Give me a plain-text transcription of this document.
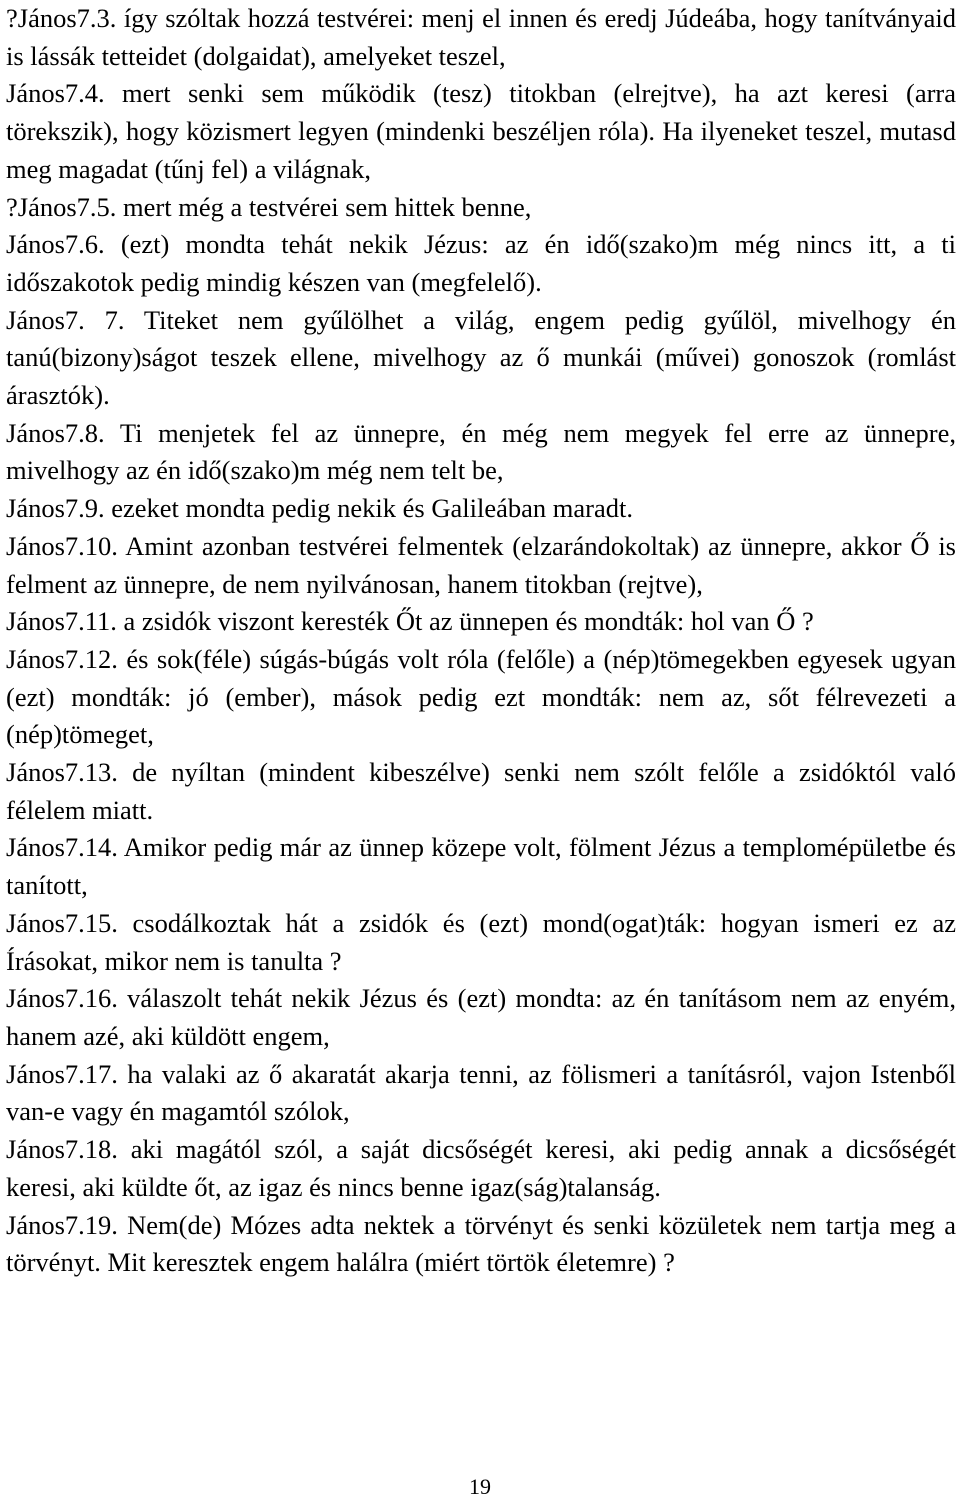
?János7.3. így szóltak hozzá testvérei: menj el innen és eredj Júdeába, hogy tanítványaid is lássák tetteidet (dolgaidat), amelyeket teszel,

János7.4. mert senki sem működik (tesz) titokban (elrejtve), ha azt keresi (arra törekszik), hogy közismert legyen (mindenki beszéljen róla). Ha ilyeneket teszel, mutasd meg magadat (tűnj fel) a világnak,

?János7.5. mert még a testvérei sem hittek benne,

János7.6. (ezt) mondta tehát nekik Jézus: az én idő(szako)m még nincs itt, a ti időszakotok pedig mindig készen van (megfelelő).

János7. 7. Titeket nem gyűlölhet a világ, engem pedig gyűlöl, mivelhogy én tanú(bizony)ságot teszek ellene, mivelhogy az ő munkái (művei) gonoszok (romlást árasztók).

János7.8. Ti menjetek fel az ünnepre, én még nem megyek fel erre az ünnepre, mivelhogy az én idő(szako)m még nem telt be,

János7.9. ezeket mondta pedig nekik és Galileában maradt.

János7.10. Amint azonban testvérei felmentek (elzarándokoltak) az ünnepre, akkor Ő is felment az ünnepre, de nem nyilvánosan, hanem titokban (rejtve),

János7.11. a zsidók viszont keresték Őt az ünnepen és mondták: hol van Ő ?

János7.12. és sok(féle) súgás-búgás volt róla (felőle) a (nép)tömegekben egyesek ugyan (ezt) mondták: jó (ember), mások pedig ezt mondták: nem az, sőt félrevezeti a (nép)tömeget,

János7.13. de nyíltan (mindent kibeszélve) senki nem szólt felőle a zsidóktól való félelem miatt.

János7.14. Amikor pedig már az ünnep közepe volt, fölment Jézus a templomépületbe és tanított,

János7.15. csodálkoztak hát a zsidók és (ezt) mond(ogat)ták: hogyan ismeri ez az Írásokat, mikor nem is tanulta ?

János7.16. válaszolt tehát nekik Jézus és (ezt) mondta: az én tanításom nem az enyém, hanem azé, aki küldött engem,

János7.17. ha valaki az ő akaratát akarja tenni, az fölismeri a tanításról, vajon Istenből van-e vagy én magamtól szólok,

János7.18. aki magától szól, a saját dicsőségét keresi, aki pedig annak a dicsőségét keresi, aki küldte őt, az igaz és nincs benne igaz(ság)talanság.

János7.19. Nem(de) Mózes adta nektek a törvényt és senki közületek nem tartja meg a törvényt. Mit keresztek engem halálra (miért törtök életemre) ?

19
